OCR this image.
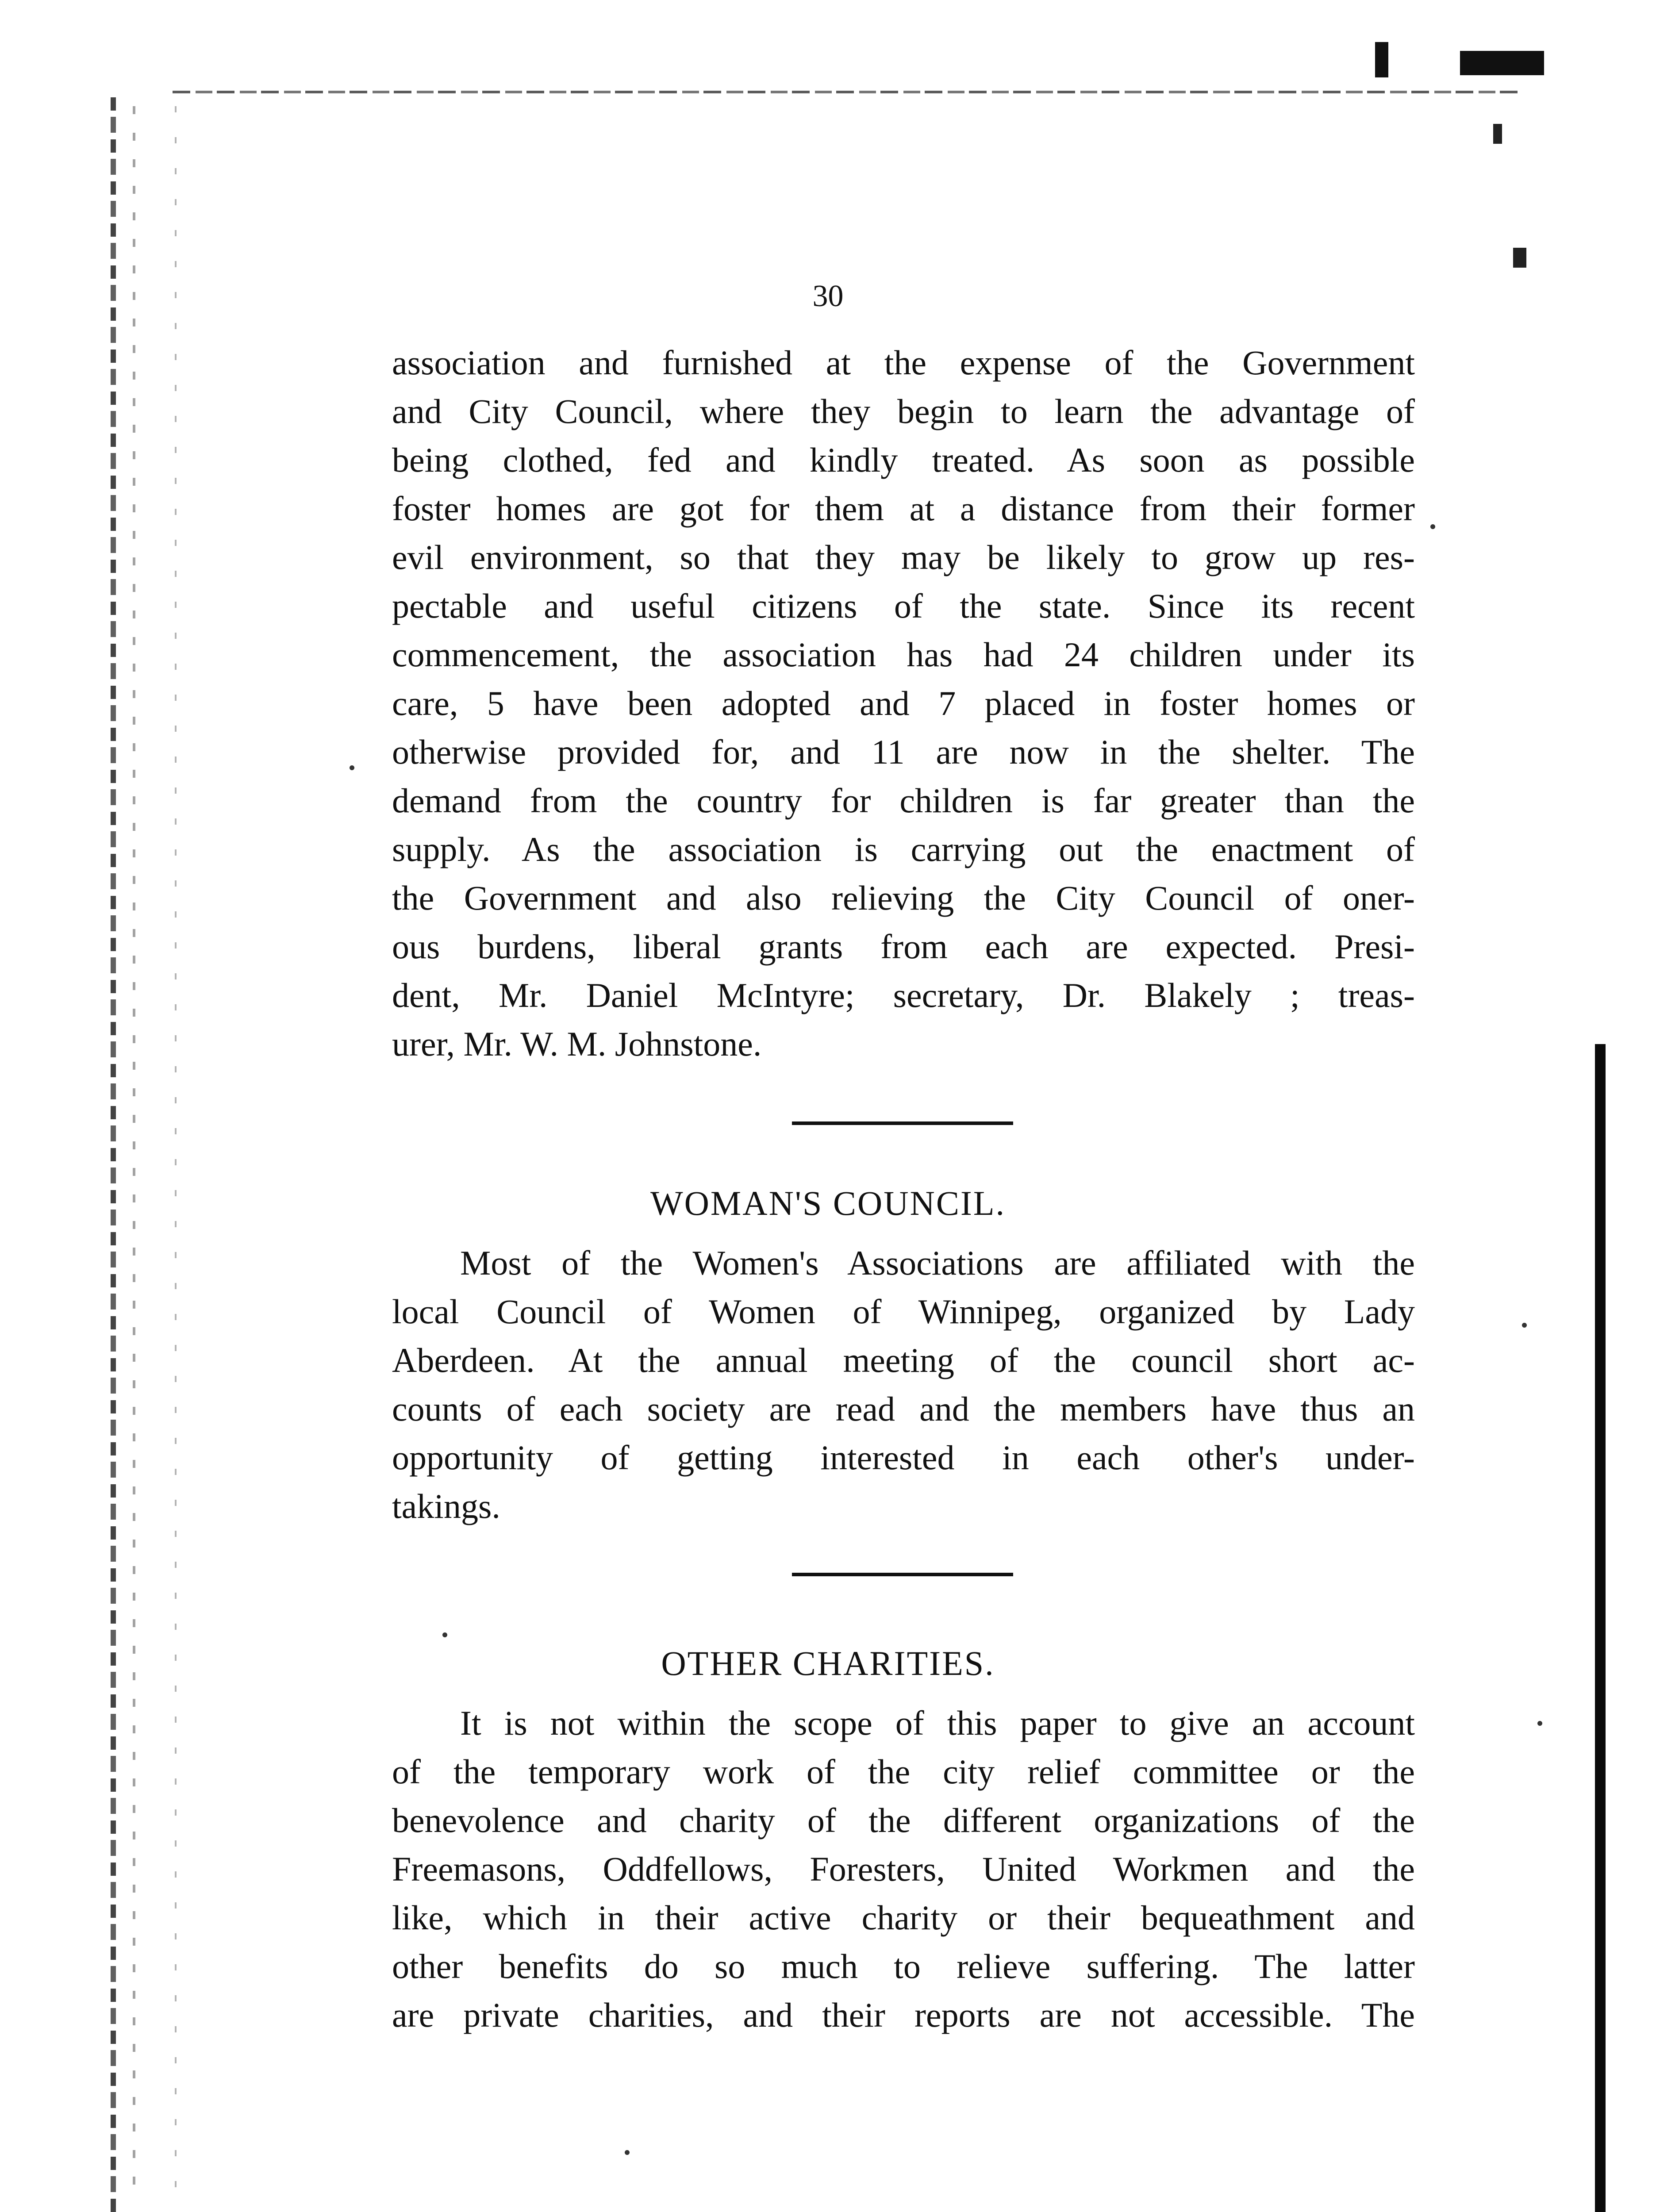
30
association and furnished at the expense of the Government
and City Council, where they begin to learn the advantage of
being clothed, fed and kindly treated. As soon as possible
foster homes are got for them at a distance from their former
evil environment, so that they may be likely to grow up res-
pectable and useful citizens of the state. Since its recent
commencement, the association has had 24 children under its
care, 5 have been adopted and 7 placed in foster homes or
otherwise provided for, and 11 are now in the shelter. The
demand from the country for children is far greater than the
supply. As the association is carrying out the enactment of
the Government and also relieving the City Council of oner-
ous burdens, liberal grants from each are expected. Presi-
dent, Mr. Daniel McIntyre; secretary, Dr. Blakely ; treas-
urer, Mr. W. M. Johnstone.
WOMAN'S COUNCIL.
Most of the Women's Associations are affiliated with the
local Council of Women of Winnipeg, organized by Lady
Aberdeen. At the annual meeting of the council short ac-
counts of each society are read and the members have thus an
opportunity of getting interested in each other's under-
takings.
OTHER CHARITIES.
It is not within the scope of this paper to give an account
of the temporary work of the city relief committee or the
benevolence and charity of the different organizations of the
Freemasons, Oddfellows, Foresters, United Workmen and the
like, which in their active charity or their bequeathment and
other benefits do so much to relieve suffering. The latter
are private charities, and their reports are not accessible. The
